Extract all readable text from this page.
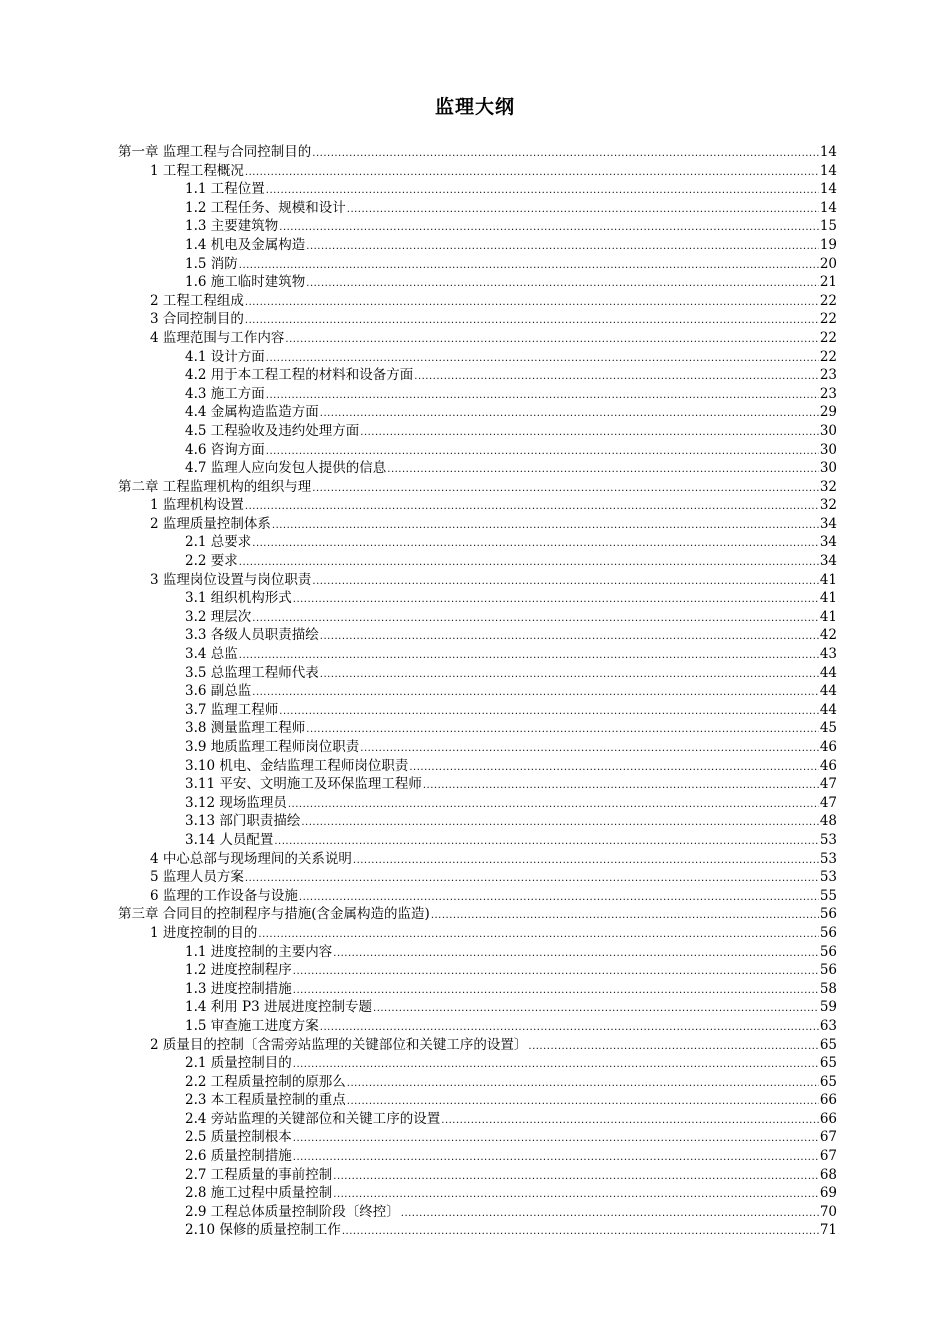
监理大纲
第一章 监理工程与合同控制目的 .....	14
1 工程工程概况 .....	14
1.1 工程位置 .....	14
1.2 工程任务、规模和设计 .....	14
1.3 主要建筑物 .....	15
1.4 机电及金属构造 .....	19
1.5 消防 .....	20
1.6 施工临时建筑物 .....	21
2 工程工程组成 .....	22
3 合同控制目的 .....	22
4 监理范围与工作内容 .....	22
4.1 设计方面 .....	22
4.2 用于本工程工程的材料和设备方面 .....	23
4.3 施工方面 .....	23
4.4 金属构造监造方面 .....	29
4.5 工程验收及违约处理方面 .....	30
4.6 咨询方面 .....	30
4.7 监理人应向发包人提供的信息 .....	30
第二章 工程监理机构的组织与理 .....	32
1 监理机构设置 .....	32
2 监理质量控制体系 .....	34
2.1 总要求 .....	34
2.2 要求 .....	34
3 监理岗位设置与岗位职责 .....	41
3.1 组织机构形式 .....	41
3.2 理层次 .....	41
3.3 各级人员职责描绘 .....	42
3.4 总监 .....	43
3.5 总监理工程师代表 .....	44
3.6 副总监 .....	44
3.7 监理工程师 .....	44
3.8 测量监理工程师 .....	45
3.9 地质监理工程师岗位职责 .....	46
3.10 机电、金结监理工程师岗位职责 .....	46
3.11 平安、文明施工及环保监理工程师 .....	47
3.12 现场监理员 .....	47
3.13 部门职责描绘 .....	48
3.14 人员配置 .....	53
4 中心总部与现场理间的关系说明 .....	53
5 监理人员方案 .....	53
6 监理的工作设备与设施 .....	55
第三章 合同目的控制程序与措施(含金属构造的监造) .....	56
1 进度控制的目的 .....	56
1.1 进度控制的主要内容 .....	56
1.2 进度控制程序 .....	56
1.3 进度控制措施 .....	58
1.4 利用 P3 进展进度控制专题 .....	59
1.5 审查施工进度方案 .....	63
2 质量目的控制〔含需旁站监理的关键部位和关键工序的设置〕 .....	65
2.1 质量控制目的 .....	65
2.2 工程质量控制的原那么 .....	65
2.3 本工程质量控制的重点 .....	66
2.4 旁站监理的关键部位和关键工序的设置 .....	66
2.5 质量控制根本 .....	67
2.6 质量控制措施 .....	67
2.7 工程质量的事前控制 .....	68
2.8 施工过程中质量控制 .....	69
2.9 工程总体质量控制阶段〔终控〕 .....	70
2.10 保修的质量控制工作 .....	71
